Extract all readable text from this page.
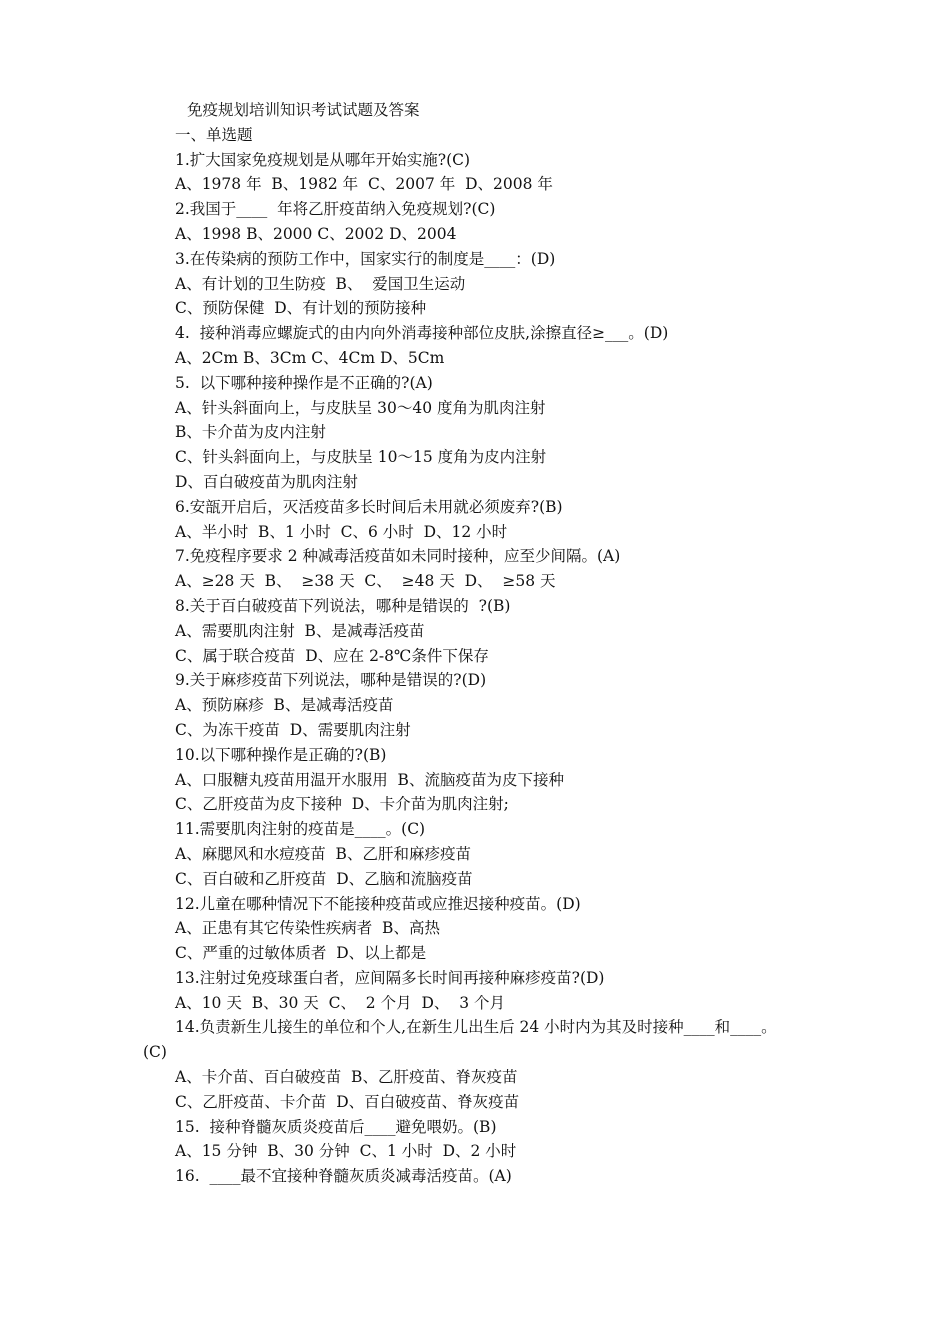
免疫规划培训知识考试试题及答案
一、单选题
1.扩大国家免疫规划是从哪年开始实施?(C)
A、1978 年  B、1982 年  C、2007 年  D、2008 年
2.我国于____  年将乙肝疫苗纳入免疫规划?(C)
A、1998 B、2000 C、2002 D、2004
3.在传染病的预防工作中，国家实行的制度是____：(D)
A、有计划的卫生防疫  B、  爱国卫生运动
C、预防保健  D、有计划的预防接种
4.  接种消毒应螺旋式的由内向外消毒接种部位皮肤,涂擦直径≥___。(D)
A、2Cm B、3Cm C、4Cm D、5Cm
5.  以下哪种接种操作是不正确的?(A)
A、针头斜面向上，与皮肤呈 30～40 度角为肌肉注射
B、卡介苗为皮内注射
C、针头斜面向上，与皮肤呈 10～15 度角为皮内注射
D、百白破疫苗为肌肉注射
6.安瓿开启后，灭活疫苗多长时间后未用就必须废弃?(B)
A、半小时  B、1 小时  C、6 小时  D、12 小时
7.免疫程序要求 2 种减毒活疫苗如未同时接种，应至少间隔。(A)
A、≥28 天  B、  ≥38 天  C、  ≥48 天  D、  ≥58 天
8.关于百白破疫苗下列说法，哪种是错误的  ?(B)
A、需要肌肉注射  B、是减毒活疫苗
C、属于联合疫苗  D、应在 2-8℃条件下保存
9.关于麻疹疫苗下列说法，哪种是错误的?(D)
A、预防麻疹  B、是减毒活疫苗
C、为冻干疫苗  D、需要肌肉注射
10.以下哪种操作是正确的?(B)
A、口服糖丸疫苗用温开水服用  B、流脑疫苗为皮下接种
C、乙肝疫苗为皮下接种  D、卡介苗为肌肉注射;
11.需要肌肉注射的疫苗是____。(C)
A、麻腮风和水痘疫苗  B、乙肝和麻疹疫苗
C、百白破和乙肝疫苗  D、乙脑和流脑疫苗
12.儿童在哪种情况下不能接种疫苗或应推迟接种疫苗。(D)
A、正患有其它传染性疾病者  B、高热
C、严重的过敏体质者  D、以上都是
13.注射过免疫球蛋白者，应间隔多长时间再接种麻疹疫苗?(D)
A、10 天  B、30 天  C、  2 个月  D、  3 个月
14.负责新生儿接生的单位和个人,在新生儿出生后 24 小时内为其及时接种____和____。
(C)
A、卡介苗、百白破疫苗  B、乙肝疫苗、脊灰疫苗
C、乙肝疫苗、卡介苗  D、百白破疫苗、脊灰疫苗
15.  接种脊髓灰质炎疫苗后____避免喂奶。(B)
A、15 分钟  B、30 分钟  C、1 小时  D、2 小时
16.  ____最不宜接种脊髓灰质炎减毒活疫苗。(A)
